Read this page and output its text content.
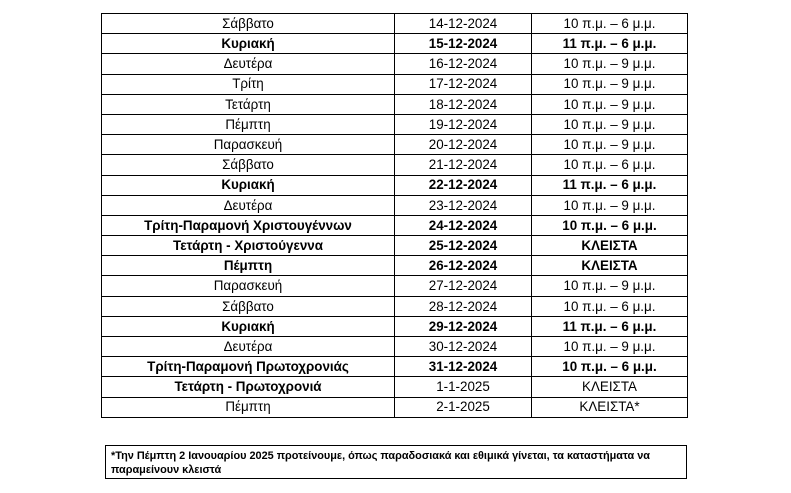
Σάββατο	14-12-2024	10 π.μ. – 6 μ.μ.
Κυριακή	15-12-2024	11 π.μ. – 6 μ.μ.
Δευτέρα	16-12-2024	10 π.μ. – 9 μ.μ.
Τρίτη	17-12-2024	10 π.μ. – 9 μ.μ.
Τετάρτη	18-12-2024	10 π.μ. – 9 μ.μ.
Πέμπτη	19-12-2024	10 π.μ. – 9 μ.μ.
Παρασκευή	20-12-2024	10 π.μ. – 9 μ.μ.
Σάββατο	21-12-2024	10 π.μ. – 6 μ.μ.
Κυριακή	22-12-2024	11 π.μ. – 6 μ.μ.
Δευτέρα	23-12-2024	10 π.μ. – 9 μ.μ.
Τρίτη-Παραμονή Χριστουγέννων	24-12-2024	10 π.μ. – 6 μ.μ.
Τετάρτη - Χριστούγεννα	25-12-2024	ΚΛΕΙΣΤΑ
Πέμπτη	26-12-2024	ΚΛΕΙΣΤΑ
Παρασκευή	27-12-2024	10 π.μ. – 9 μ.μ.
Σάββατο	28-12-2024	10 π.μ. – 6 μ.μ.
Κυριακή	29-12-2024	11 π.μ. – 6 μ.μ.
Δευτέρα	30-12-2024	10 π.μ. – 9 μ.μ.
Τρίτη-Παραμονή Πρωτοχρονιάς	31-12-2024	10 π.μ. – 6 μ.μ.
Τετάρτη - Πρωτοχρονιά	1-1-2025	ΚΛΕΙΣΤΑ
Πέμπτη	2-1-2025	ΚΛΕΙΣΤΑ*
*Την Πέμπτη 2 Ιανουαρίου 2025 προτείνουμε, όπως παραδοσιακά και εθιμικά γίνεται, τα καταστήματα να παραμείνουν κλειστά
